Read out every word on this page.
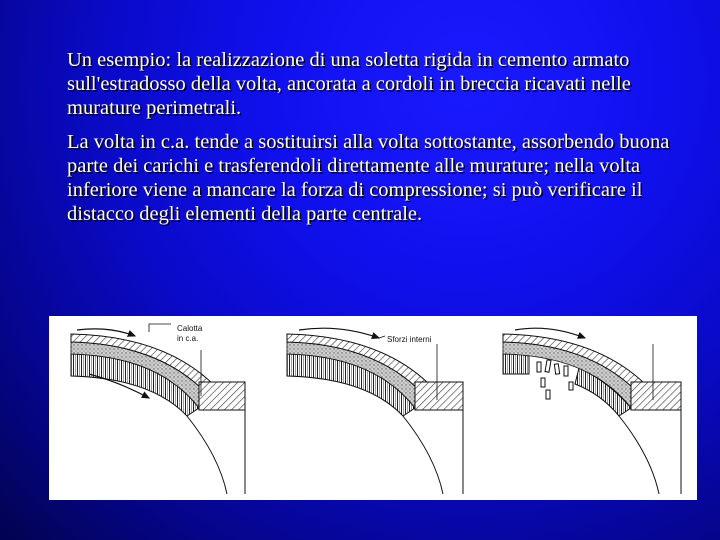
Un esempio: la realizzazione di una soletta rigida in cemento armato sull'estradosso della volta, ancorata a cordoli in breccia ricavati nelle murature perimetrali.

La volta in c.a. tende a sostituirsi alla volta sottostante, assorbendo buona parte dei carichi e trasferendoli direttamente alle murature; nella volta inferiore viene a mancare la forza di compressione; si può verificare il distacco degli elementi della parte centrale.

Calotta
in c.a.	Sforzi interni
